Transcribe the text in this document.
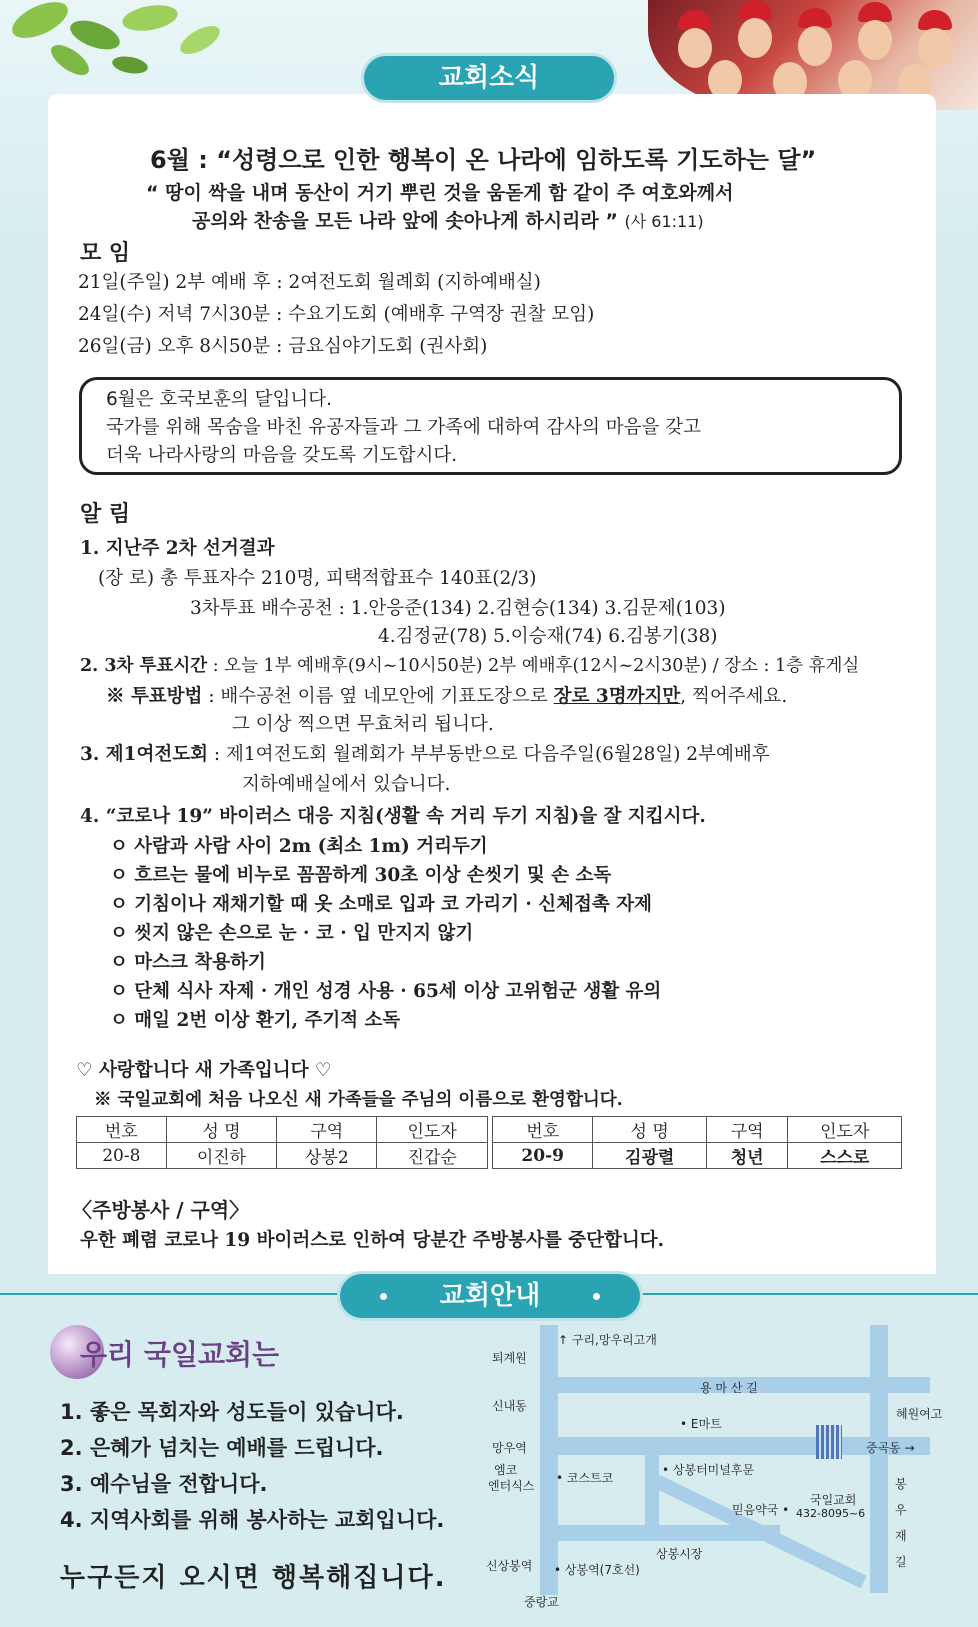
교회소식
6월 : “성령으로 인한 행복이 온 나라에 임하도록 기도하는 달”
“ 땅이 싹을 내며 동산이 거기 뿌린 것을 움돋게 함 같이 주 여호와께서
공의와 찬송을 모든 나라 앞에 솟아나게 하시리라 ” (사 61:11)
모 임
21일(주일) 2부 예배 후 : 2여전도회 월례회 (지하예배실)
24일(수) 저녁 7시30분 : 수요기도회 (예배후 구역장 권찰 모임)
26일(금) 오후 8시50분 : 금요심야기도회 (권사회)
6월은 호국보훈의 달입니다.
국가를 위해 목숨을 바친 유공자들과 그 가족에 대하여 감사의 마음을 갖고
더욱 나라사랑의 마음을 갖도록 기도합시다.
알 림
1. 지난주 2차 선거결과
(장 로) 총 투표자수 210명, 피택적합표수 140표(2/3)
3차투표 배수공천 : 1.안응준(134) 2.김현승(134) 3.김문제(103)
4.김정균(78) 5.이승재(74) 6.김봉기(38)
2. 3차 투표시간 : 오늘 1부 예배후(9시~10시50분) 2부 예배후(12시~2시30분) / 장소 : 1층 휴게실
※ 투표방법 : 배수공천 이름 옆 네모안에 기표도장으로 장로 3명까지만, 찍어주세요.
그 이상 찍으면 무효처리 됩니다.
3. 제1여전도회 : 제1여전도회 월례회가 부부동반으로 다음주일(6월28일) 2부예배후
지하예배실에서 있습니다.
4. “코로나 19” 바이러스 대응 지침(생활 속 거리 두기 지침)을 잘 지킵시다.
ㅇ 사람과 사람 사이 2m (최소 1m) 거리두기
ㅇ 흐르는 물에 비누로 꼼꼼하게 30초 이상 손씻기 및 손 소독
ㅇ 기침이나 재채기할 때 옷 소매로 입과 코 가리기 · 신체접촉 자제
ㅇ 씻지 않은 손으로 눈 · 코 · 입 만지지 않기
ㅇ 마스크 착용하기
ㅇ 단체 식사 자제 · 개인 성경 사용 · 65세 이상 고위험군 생활 유의
ㅇ 매일 2번 이상 환기, 주기적 소독
♡ 사랑합니다 새 가족입니다 ♡
※ 국일교회에 처음 나오신 새 가족들을 주님의 이름으로 환영합니다.
번호	성 명	구역	인도자
20-8	이진하	상봉2	진갑순
번호	성 명	구역	인도자
20-9	김광렬	청년	스스로
〈주방봉사 / 구역〉
우한 폐렴 코로나 19 바이러스로 인하여 당분간 주방봉사를 중단합니다.
교회안내
우리 국일교회는
1. 좋은 목회자와 성도들이 있습니다.
2. 은혜가 넘치는 예배를 드립니다.
3. 예수님을 전합니다.
4. 지역사회를 위해 봉사하는 교회입니다.
누구든지 오시면 행복해집니다.
↑ 구리,망우리고개
퇴계원
용 마 산 길
신내동
• E마트
혜원여고
망우역	중곡동 →
엠코
엔터식스
• 코스트코
• 상봉터미널후문
믿음약국 •
국일교회
432-8095~6
봉
우
재
길
상봉시장
신상봉역 • 상봉역(7호선)
중랑교
